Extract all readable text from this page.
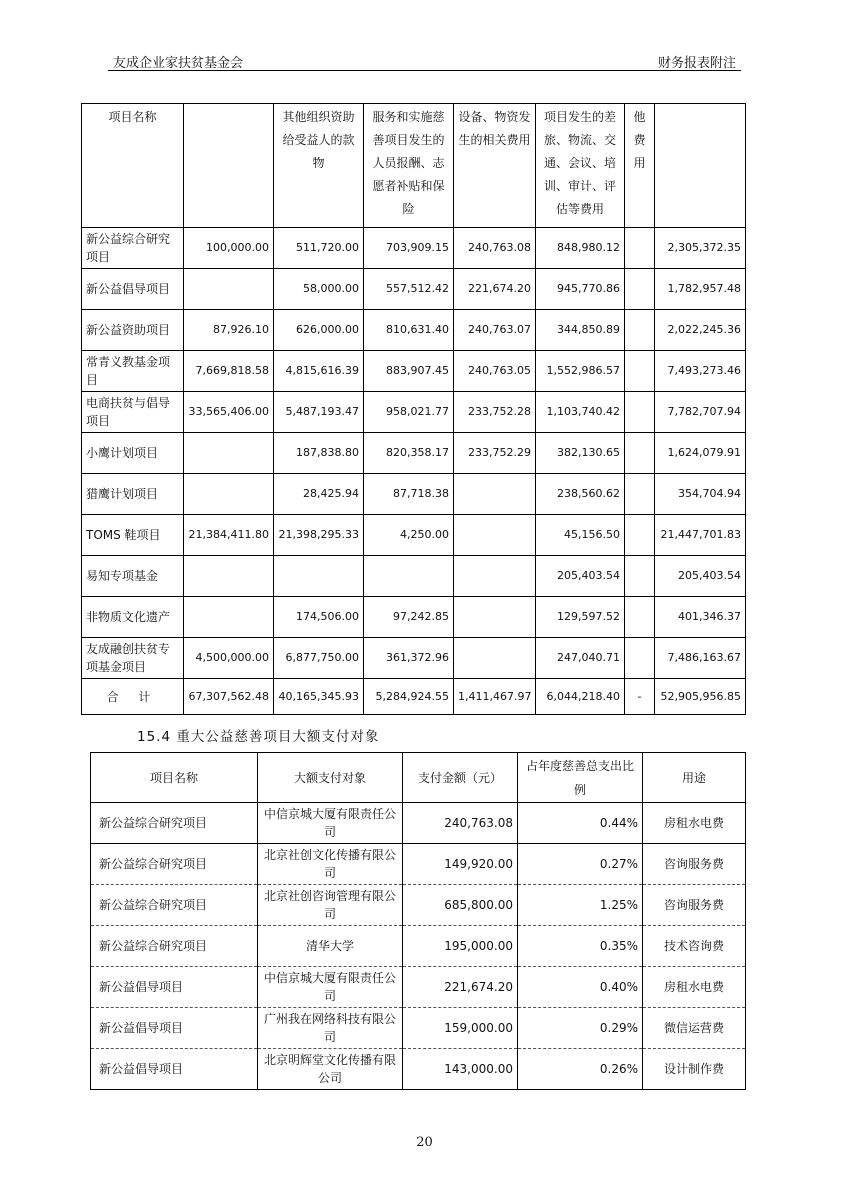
友成企业家扶贫基金会	财务报表附注
项目名称		其他组织资助给受益人的款物	服务和实施慈善项目发生的人员报酬、志愿者补贴和保险	设备、物资发生的相关费用	项目发生的差旅、物流、交通、会议、培训、审计、评估等费用	他费用	
新公益综合研究项目	100,000.00	511,720.00	703,909.15	240,763.08	848,980.12		2,305,372.35
新公益倡导项目		58,000.00	557,512.42	221,674.20	945,770.86		1,782,957.48
新公益资助项目	87,926.10	626,000.00	810,631.40	240,763.07	344,850.89		2,022,245.36
常青义教基金项目	7,669,818.58	4,815,616.39	883,907.45	240,763.05	1,552,986.57		7,493,273.46
电商扶贫与倡导项目	33,565,406.00	5,487,193.47	958,021.77	233,752.28	1,103,740.42		7,782,707.94
小鹰计划项目		187,838.80	820,358.17	233,752.29	382,130.65		1,624,079.91
猎鹰计划项目		28,425.94	87,718.38		238,560.62		354,704.94
TOMS 鞋项目	21,384,411.80	21,398,295.33	4,250.00		45,156.50		21,447,701.83
易知专项基金					205,403.54		205,403.54
非物质文化遗产		174,506.00	97,242.85		129,597.52		401,346.37
友成融创扶贫专项基金项目	4,500,000.00	6,877,750.00	361,372.96		247,040.71		7,486,163.67
合 计	67,307,562.48	40,165,345.93	5,284,924.55	1,411,467.97	6,044,218.40	-	52,905,956.85
15.4 重大公益慈善项目大额支付对象
项目名称	大额支付对象	支付金额（元）	占年度慈善总支出比例	用途
新公益综合研究项目	中信京城大厦有限责任公司	240,763.08	0.44%	房租水电费
新公益综合研究项目	北京社创文化传播有限公司	149,920.00	0.27%	咨询服务费
新公益综合研究项目	北京社创咨询管理有限公司	685,800.00	1.25%	咨询服务费
新公益综合研究项目	清华大学	195,000.00	0.35%	技术咨询费
新公益倡导项目	中信京城大厦有限责任公司	221,674.20	0.40%	房租水电费
新公益倡导项目	广州我在网络科技有限公司	159,000.00	0.29%	微信运营费
新公益倡导项目	北京明辉堂文化传播有限公司	143,000.00	0.26%	设计制作费
20
